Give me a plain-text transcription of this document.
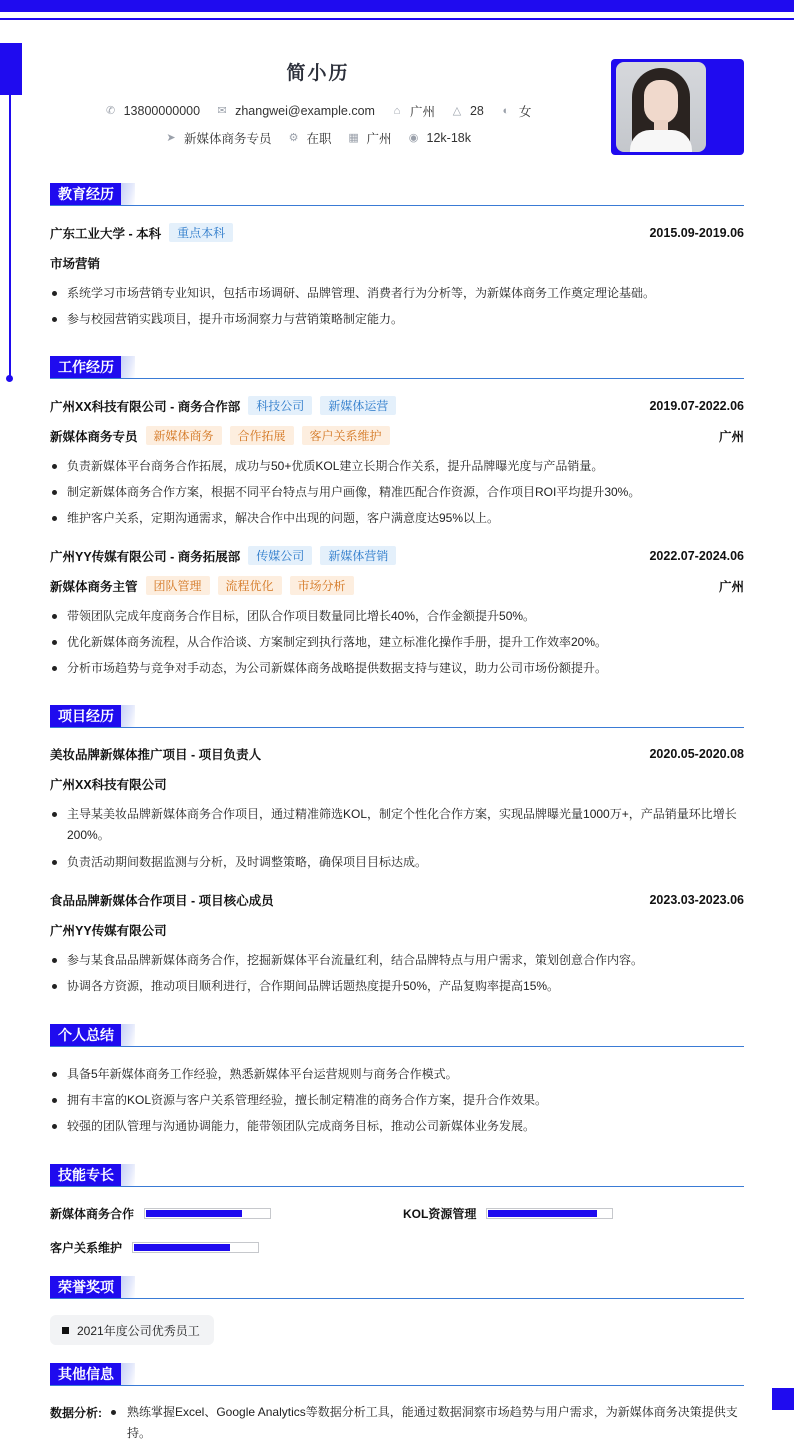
简小历
✆ 13800000000 ✉ zhangwei@example.com ⌂ 广州 △ 28 ◐ 女
➤ 新媒体商务专员 ⚙ 在职 ▦ 广州 ◉ 12k-18k
教育经历
广东工业大学 - 本科	重点本科	2015.09-2019.06
市场营销
系统学习市场营销专业知识，包括市场调研、品牌管理、消费者行为分析等，为新媒体商务工作奠定理论基础。
参与校园营销实践项目，提升市场洞察力与营销策略制定能力。
工作经历
广州XX科技有限公司 - 商务合作部	科技公司	新媒体运营	2019.07-2022.06
新媒体商务专员	新媒体商务	合作拓展	客户关系维护	广州
负责新媒体平台商务合作拓展，成功与50+优质KOL建立长期合作关系，提升品牌曝光度与产品销量。
制定新媒体商务合作方案，根据不同平台特点与用户画像，精准匹配合作资源，合作项目ROI平均提升30%。
维护客户关系，定期沟通需求，解决合作中出现的问题，客户满意度达95%以上。
广州YY传媒有限公司 - 商务拓展部	传媒公司	新媒体营销	2022.07-2024.06
新媒体商务主管	团队管理	流程优化	市场分析	广州
带领团队完成年度商务合作目标，团队合作项目数量同比增长40%，合作金额提升50%。
优化新媒体商务流程，从合作洽谈、方案制定到执行落地，建立标准化操作手册，提升工作效率20%。
分析市场趋势与竞争对手动态，为公司新媒体商务战略提供数据支持与建议，助力公司市场份额提升。
项目经历
美妆品牌新媒体推广项目 - 项目负责人	2020.05-2020.08
广州XX科技有限公司
主导某美妆品牌新媒体商务合作项目，通过精准筛选KOL，制定个性化合作方案，实现品牌曝光量1000万+，产品销量环比增长200%。
负责活动期间数据监测与分析，及时调整策略，确保项目目标达成。
食品品牌新媒体合作项目 - 项目核心成员	2023.03-2023.06
广州YY传媒有限公司
参与某食品品牌新媒体商务合作，挖掘新媒体平台流量红利，结合品牌特点与用户需求，策划创意合作内容。
协调各方资源，推动项目顺利进行，合作期间品牌话题热度提升50%，产品复购率提高15%。
个人总结
具备5年新媒体商务工作经验，熟悉新媒体平台运营规则与商务合作模式。
拥有丰富的KOL资源与客户关系管理经验，擅长制定精准的商务合作方案，提升合作效果。
较强的团队管理与沟通协调能力，能带领团队完成商务目标，推动公司新媒体业务发展。
技能专长
新媒体商务合作	KOL资源管理
客户关系维护
荣誉奖项
2021年度公司优秀员工
其他信息
数据分析:	熟练掌握Excel、Google Analytics等数据分析工具，能通过数据洞察市场趋势与用户需求，为新媒体商务决策提供支持。
